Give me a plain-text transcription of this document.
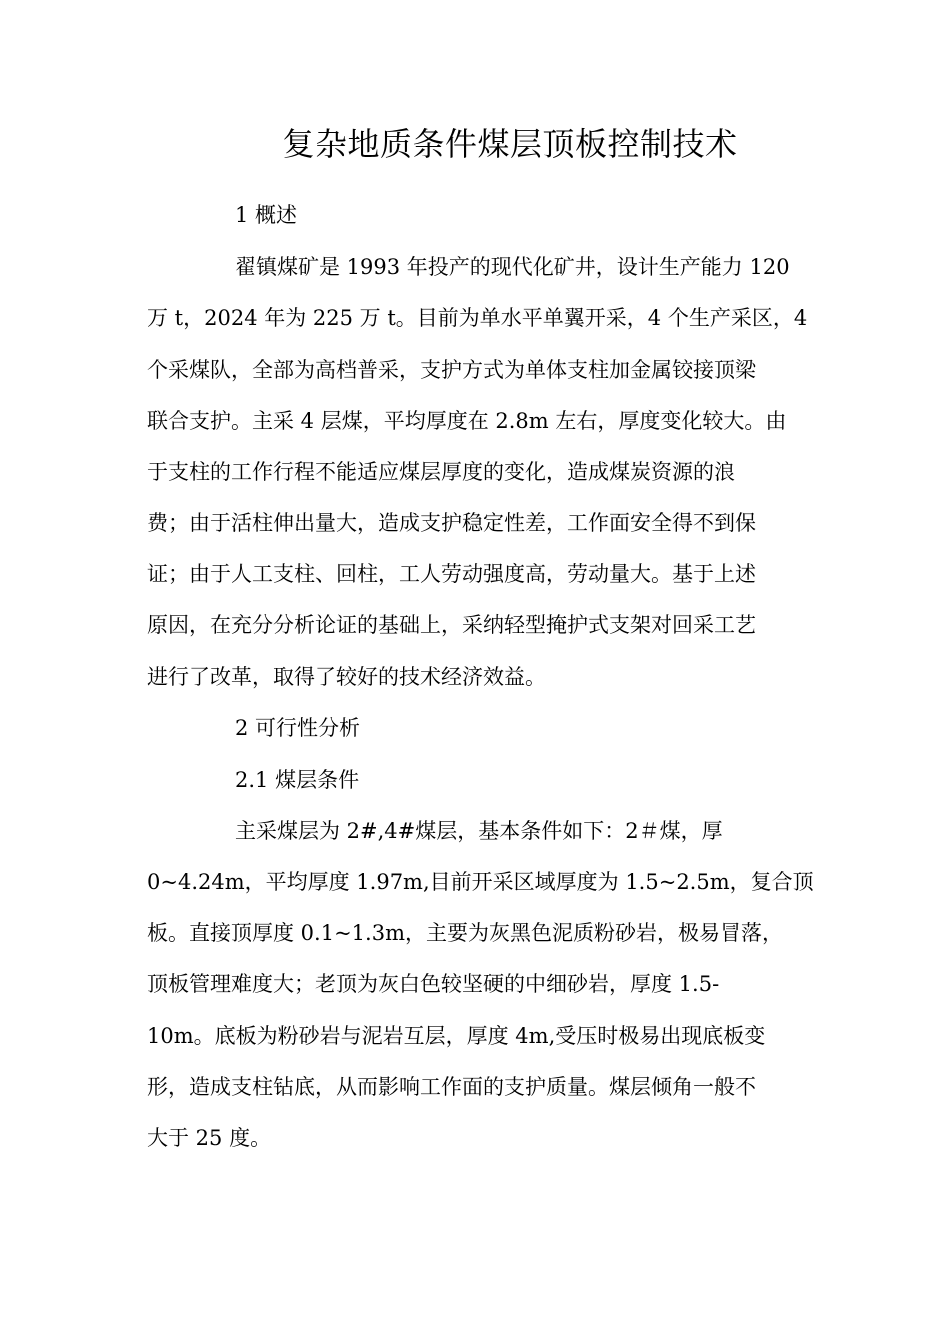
复杂地质条件煤层顶板控制技术
1 概述
翟镇煤矿是 1993 年投产的现代化矿井，设计生产能力 120
万 t，2024 年为 225 万 t。目前为单水平单翼开采，4 个生产采区，4
个采煤队，全部为高档普采，支护方式为单体支柱加金属铰接顶梁
联合支护。主采 4 层煤，平均厚度在 2.8m 左右，厚度变化较大。由
于支柱的工作行程不能适应煤层厚度的变化，造成煤炭资源的浪
费；由于活柱伸出量大，造成支护稳定性差，工作面安全得不到保
证；由于人工支柱、回柱，工人劳动强度高，劳动量大。基于上述
原因，在充分分析论证的基础上，采纳轻型掩护式支架对回采工艺
进行了改革，取得了较好的技术经济效益。
2 可行性分析
2.1 煤层条件
主采煤层为 2#,4#煤层，基本条件如下：2＃煤，厚
0~4.24m，平均厚度 1.97m,目前开采区域厚度为 1.5~2.5m，复合顶
板。直接顶厚度 0.1~1.3m，主要为灰黑色泥质粉砂岩，极易冒落，
顶板管理难度大；老顶为灰白色较坚硬的中细砂岩，厚度 1.5-
10m。底板为粉砂岩与泥岩互层，厚度 4m,受压时极易出现底板变
形，造成支柱钻底，从而影响工作面的支护质量。煤层倾角一般不
大于 25 度。
